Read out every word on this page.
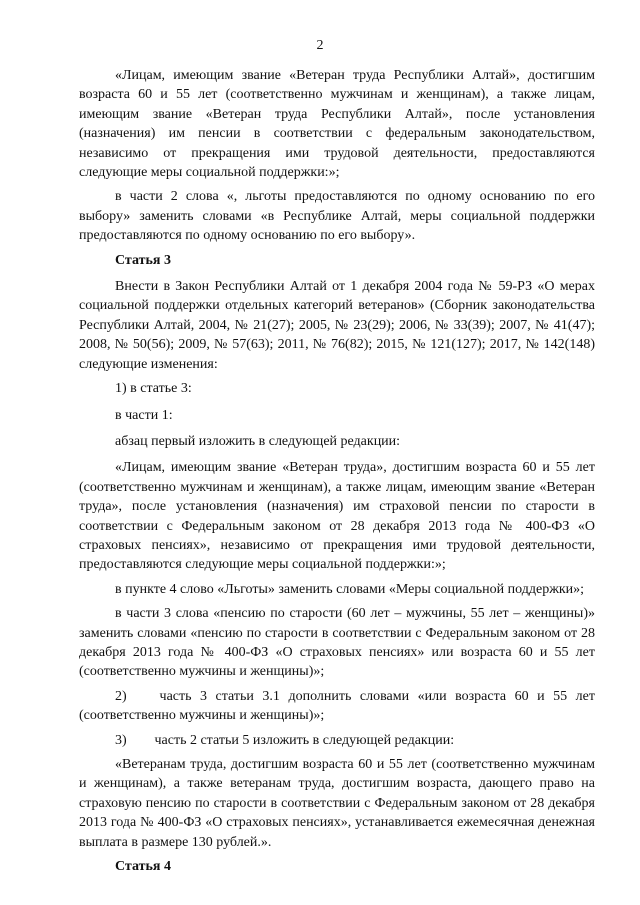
2

«Лицам, имеющим звание «Ветеран труда Республики Алтай», достигшим возраста 60 и 55 лет (соответственно мужчинам и женщинам), а также лицам, имеющим звание «Ветеран труда Республики Алтай», после установления (назначения) им пенсии в соответствии с федеральным законодательством, независимо от прекращения ими трудовой деятельности, предоставляются следующие меры социальной поддержки:»;

в части 2 слова «, льготы предоставляются по одному основанию по его выбору» заменить словами «в Республике Алтай, меры социальной поддержки предоставляются по одному основанию по его выбору».

Статья 3

Внести в Закон Республики Алтай от 1 декабря 2004 года № 59-РЗ «О мерах социальной поддержки отдельных категорий ветеранов» (Сборник законодательства Республики Алтай, 2004, № 21(27); 2005, № 23(29); 2006, № 33(39); 2007, № 41(47); 2008, № 50(56); 2009, № 57(63); 2011, № 76(82); 2015, № 121(127); 2017, № 142(148) следующие изменения:

1) в статье 3:

в части 1:

абзац первый изложить в следующей редакции:

«Лицам, имеющим звание «Ветеран труда», достигшим возраста 60 и 55 лет (соответственно мужчинам и женщинам), а также лицам, имеющим звание «Ветеран труда», после установления (назначения) им страховой пенсии по старости в соответствии с Федеральным законом от 28 декабря 2013 года № 400-ФЗ «О страховых пенсиях», независимо от прекращения ими трудовой деятельности, предоставляются следующие меры социальной поддержки:»;

в пункте 4 слово «Льготы» заменить словами «Меры социальной поддержки»;

в части 3 слова «пенсию по старости (60 лет – мужчины, 55 лет – женщины)» заменить словами «пенсию по старости в соответствии с Федеральным законом от 28 декабря 2013 года № 400-ФЗ «О страховых пенсиях» или возраста 60 и 55 лет (соответственно мужчины и женщины)»;

2) часть 3 статьи 3.1 дополнить словами «или возраста 60 и 55 лет (соответственно мужчины и женщины)»;

3) часть 2 статьи 5 изложить в следующей редакции:

«Ветеранам труда, достигшим возраста 60 и 55 лет (соответственно мужчинам и женщинам), а также ветеранам труда, достигшим возраста, дающего право на страховую пенсию по старости в соответствии с Федеральным законом от 28 декабря 2013 года № 400-ФЗ «О страховых пенсиях», устанавливается ежемесячная денежная выплата в размере 130 рублей.».

Статья 4
